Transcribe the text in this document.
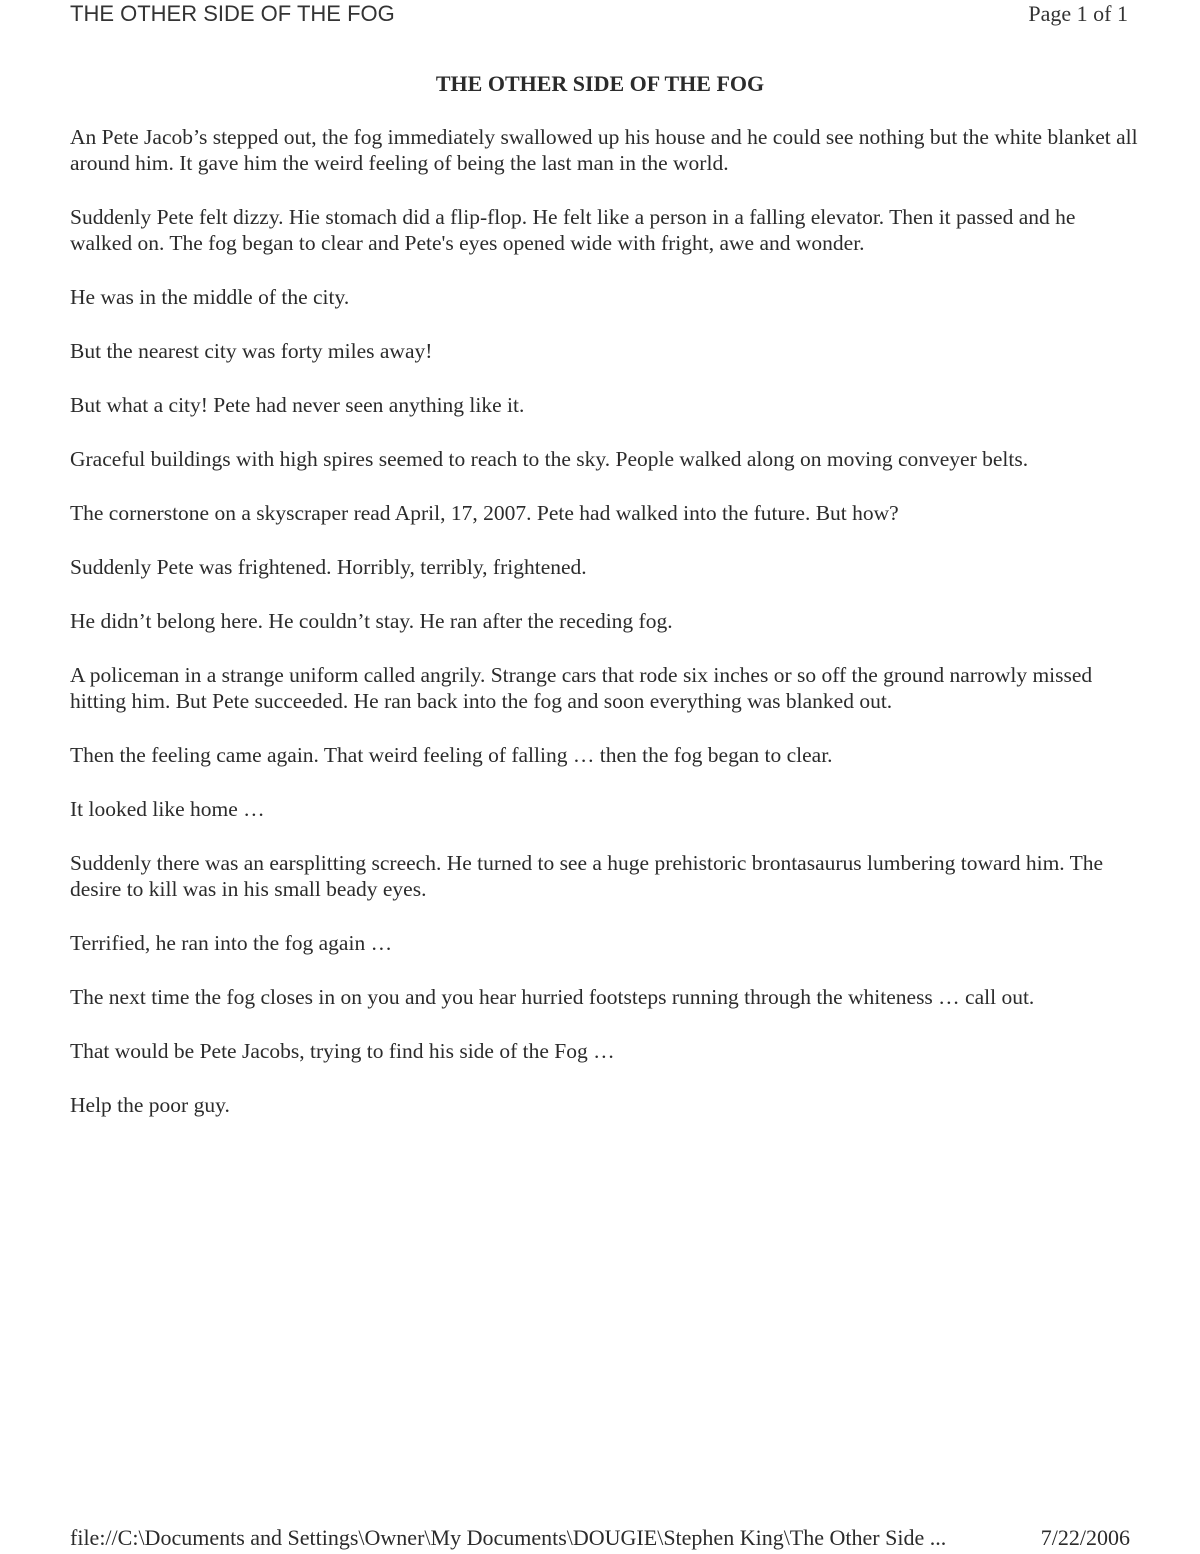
THE OTHER SIDE OF THE FOG	Page 1 of 1
THE OTHER SIDE OF THE FOG

An Pete Jacob’s stepped out, the fog immediately swallowed up his house and he could see nothing but the white blanket all around him. It gave him the weird feeling of being the last man in the world.

Suddenly Pete felt dizzy. Hie stomach did a flip-flop. He felt like a person in a falling elevator. Then it passed and he walked on. The fog began to clear and Pete's eyes opened wide with fright, awe and wonder.

He was in the middle of the city.

But the nearest city was forty miles away!

But what a city! Pete had never seen anything like it.

Graceful buildings with high spires seemed to reach to the sky. People walked along on moving conveyer belts.

The cornerstone on a skyscraper read April, 17, 2007. Pete had walked into the future. But how?

Suddenly Pete was frightened. Horribly, terribly, frightened.

He didn’t belong here. He couldn’t stay. He ran after the receding fog.

A policeman in a strange uniform called angrily. Strange cars that rode six inches or so off the ground narrowly missed hitting him. But Pete succeeded. He ran back into the fog and soon everything was blanked out.

Then the feeling came again. That weird feeling of falling … then the fog began to clear.

It looked like home …

Suddenly there was an earsplitting screech. He turned to see a huge prehistoric brontasaurus lumbering toward him. The desire to kill was in his small beady eyes.

Terrified, he ran into the fog again …

The next time the fog closes in on you and you hear hurried footsteps running through the whiteness … call out.

That would be Pete Jacobs, trying to find his side of the Fog …

Help the poor guy.

file://C:\Documents and Settings\Owner\My Documents\DOUGIE\Stephen King\The Other Side ...	7/22/2006
